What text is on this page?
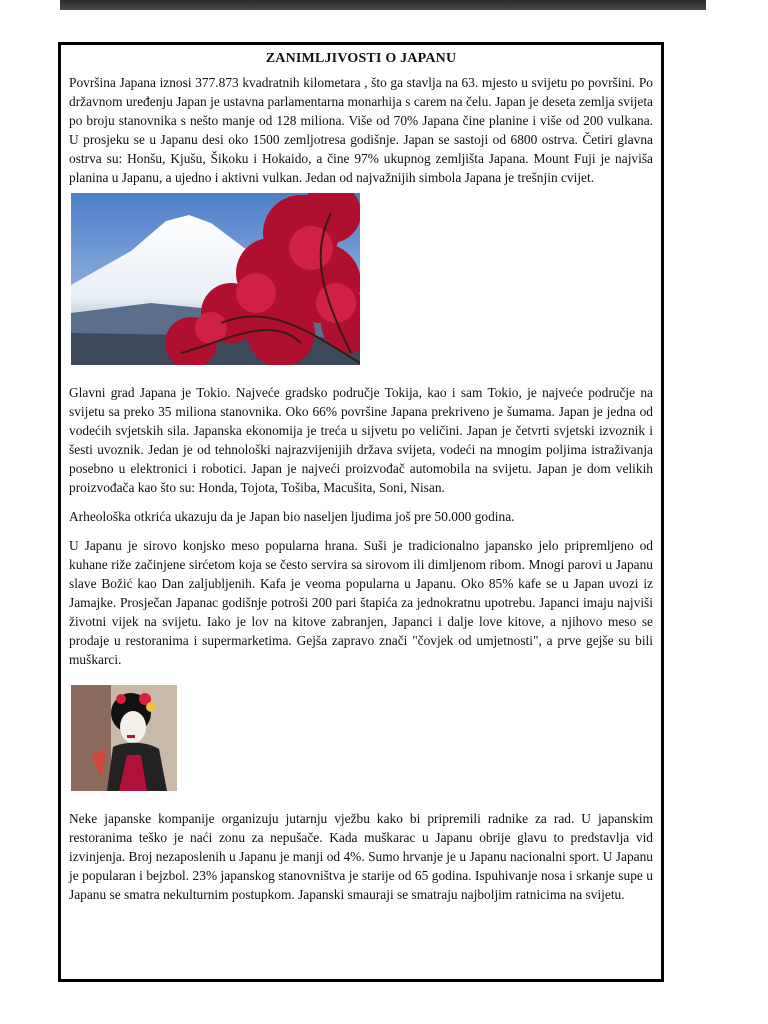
ZANIMLJIVOSTI O JAPANU

Površina Japana iznosi 377.873 kvadratnih kilometara , što ga stavlja na 63. mjesto u svijetu po površini. Po državnom uređenju Japan je ustavna parlamentarna monarhija s carem na čelu. Japan je deseta zemlja svijeta po broju stanovnika s nešto manje od 128 miliona. Više od 70% Japana čine planine i više od 200 vulkana. U prosjeku se u Japanu desi oko 1500 zemljotresa godišnje. Japan se sastoji od 6800 ostrva. Četiri glavna ostrva su: Honšu, Kjušu, Šikoku i Hokaido, a čine 97% ukupnog zemljišta Japana. Mount Fuji je najviša planina u Japanu, a ujedno i aktivni vulkan. Jedan od najvažnijih simbola Japana je trešnjin cvijet.

Glavni grad Japana je Tokio. Najveće gradsko područje Tokija, kao i sam Tokio, je najveće područje na svijetu sa preko 35 miliona stanovnika. Oko 66% površine Japana prekriveno je šumama. Japan je jedna od vodećih svjetskih sila. Japanska ekonomija je treća u sijvetu po veličini. Japan je četvrti svjetski izvoznik i šesti uvoznik. Jedan je od tehnološki najrazvijenijih država svijeta, vodeći na mnogim poljima istraživanja posebno u elektronici i robotici. Japan je najveći proizvođač automobila na svijetu. Japan je dom velikih proizvođača kao što su: Honda, Tojota, Tošiba, Macušita, Soni, Nisan.

Arheološka otkrića ukazuju da je Japan bio naseljen ljudima još pre 50.000 godina.

U Japanu je sirovo konjsko meso popularna hrana. Suši je tradicionalno japansko jelo pripremljeno od kuhane riže začinjene sirćetom koja se često servira sa sirovom ili dimljenom ribom. Mnogi parovi u Japanu slave Božić kao Dan zaljubljenih. Kafa je veoma popularna u Japanu. Oko 85% kafe se u Japan uvozi iz Jamajke. Prosječan Japanac godišnje potroši 200 pari štapića za jednokratnu upotrebu. Japanci imaju najviši životni vijek na svijetu. Iako je lov na kitove zabranjen, Japanci i dalje love kitove, a njihovo meso se prodaje u restoranima i supermarketima. Gejša zapravo znači "čovjek od umjetnosti", a prve gejše su bili muškarci.

Neke japanske kompanije organizuju jutarnju vježbu kako bi pripremili radnike za rad. U japanskim restoranima teško je naći zonu za nepušače. Kada muškarac u Japanu obrije glavu to predstavlja vid izvinjenja. Broj nezaposlenih u Japanu je manji od 4%. Sumo hrvanje je u Japanu nacionalni sport. U Japanu je popularan i bejzbol. 23% japanskog stanovništva je starije od 65 godina. Ispuhivanje nosa i srkanje supe u Japanu se smatra nekulturnim postupkom. Japanski smauraji se smatraju najboljim ratnicima na svijetu.
